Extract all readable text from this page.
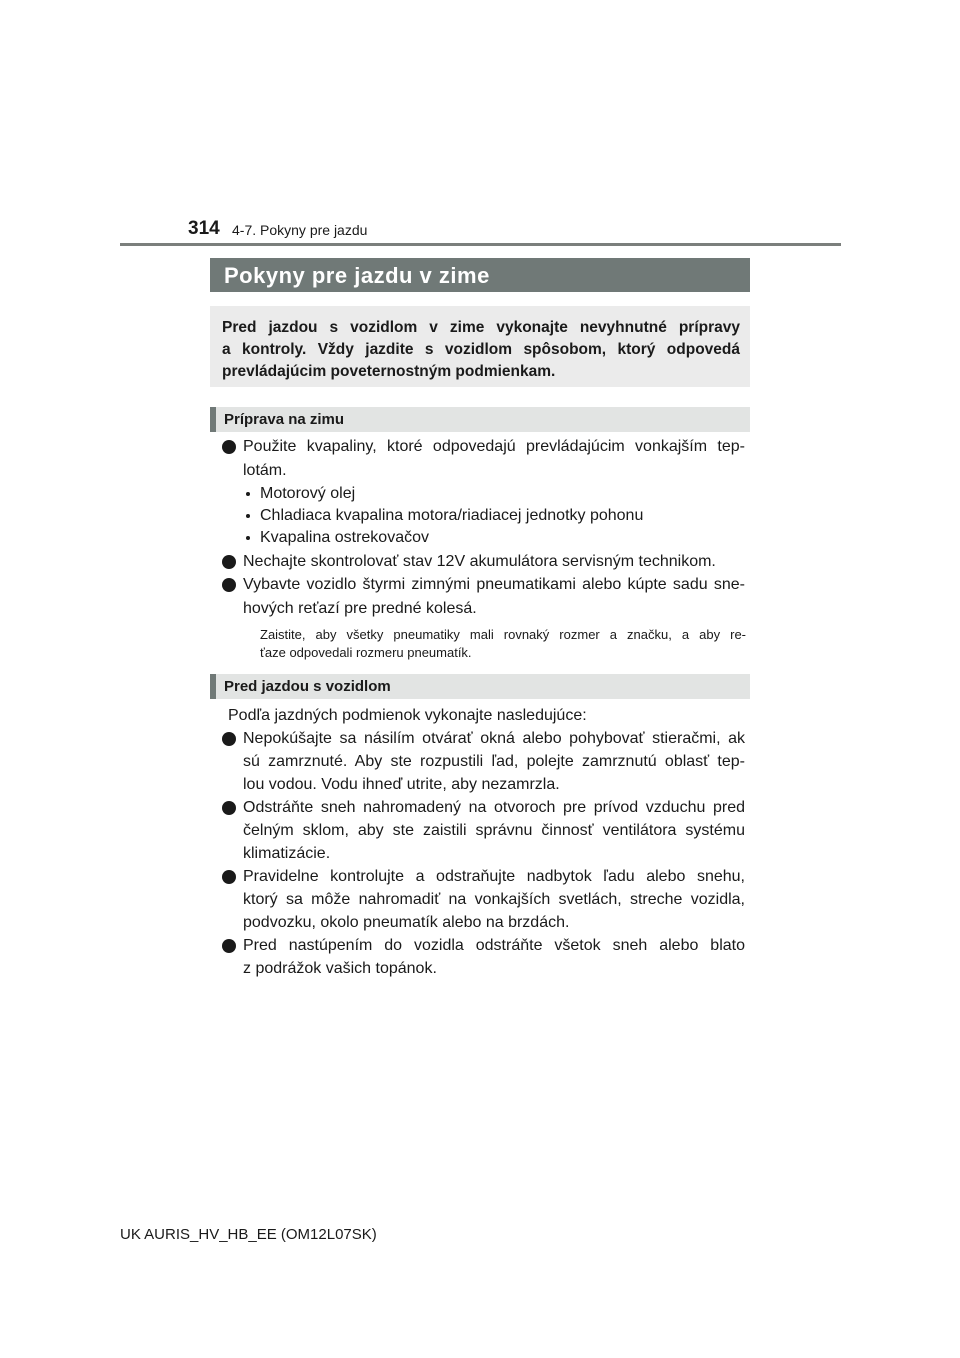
314 4-7. Pokyny pre jazdu
Pokyny pre jazdu v zime
Pred jazdou s vozidlom v zime vykonajte nevyhnutné prípravy
a kontroly. Vždy jazdite s vozidlom spôsobom, ktorý odpovedá
prevládajúcim poveternostným podmienkam.
Príprava na zimu
Použite kvapaliny, ktoré odpovedajú prevládajúcim vonkajším tep-
lotám.
Motorový olej
Chladiaca kvapalina motora/riadiacej jednotky pohonu
Kvapalina ostrekovačov
Nechajte skontrolovať stav 12V akumulátora servisným technikom.
Vybavte vozidlo štyrmi zimnými pneumatikami alebo kúpte sadu sne-
hových reťazí pre predné kolesá.
Zaistite, aby všetky pneumatiky mali rovnaký rozmer a značku, a aby re-
ťaze odpovedali rozmeru pneumatík.
Pred jazdou s vozidlom
Podľa jazdných podmienok vykonajte nasledujúce:
Nepokúšajte sa násilím otvárať okná alebo pohybovať stieračmi, ak
sú zamrznuté. Aby ste rozpustili ľad, polejte zamrznutú oblasť tep-
lou vodou. Vodu ihneď utrite, aby nezamrzla.
Odstráňte sneh nahromadený na otvoroch pre prívod vzduchu pred
čelným sklom, aby ste zaistili správnu činnosť ventilátora systému
klimatizácie.
Pravidelne kontrolujte a odstraňujte nadbytok ľadu alebo snehu,
ktorý sa môže nahromadiť na vonkajších svetlách, streche vozidla,
podvozku, okolo pneumatík alebo na brzdách.
Pred nastúpením do vozidla odstráňte všetok sneh alebo blato
z podrážok vašich topánok.
UK AURIS_HV_HB_EE (OM12L07SK)
